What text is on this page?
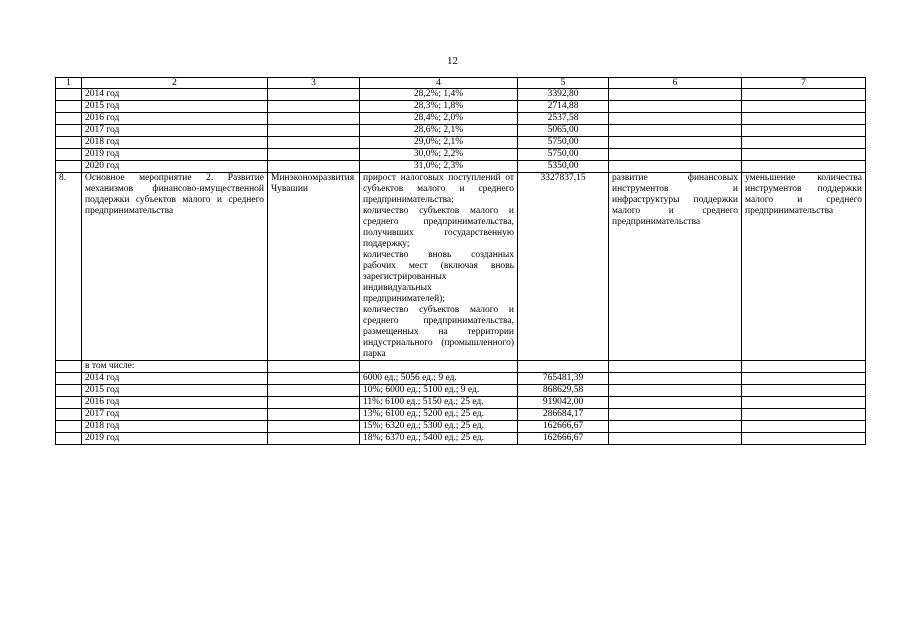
12
1	2	3	4	5	6	7
	2014 год		28,2%; 1,4%	3392,80		
	2015 год		28,3%; 1,8%	2714,88		
	2016 год		28,4%; 2,0%	2537,58		
	2017 год		28,6%; 2,1%	5065,00		
	2018 год		29,0%; 2,1%	5750,00		
	2019 год		30,0%; 2,2%	5750,00		
	2020 год		31,0%; 2,3%	5350,00		
8.	Основное мероприятие 2. Развитие механизмов финансово-имущественной поддержки субъектов малого и среднего предпринимательства	Минэкономразвития Чувашии	прирост налоговых поступлений от субъектов малого и среднего предпринимательства;
количество субъектов малого и среднего предпринимательства, получивших государственную поддержку;
количество вновь созданных рабочих мест (включая вновь зарегистрированных индивидуальных предпринимателей);
количество субъектов малого и среднего предпринимательства, размещенных на территории индустриального (промышленного) парка	3327837,15	развитие финансовых инструментов и инфраструктуры поддержки малого и среднего предпринимательства	уменьшение количества инструментов поддержки малого и среднего предпринимательства
	в том числе:					
	2014 год		6000 ед.; 5056 ед.; 9 ед.	765481,39		
	2015 год		10%; 6000 ед.; 5100 ед.; 9 ед.	868629,58		
	2016 год		11%; 6100 ед.; 5150 ед.; 25 ед.	919042,00		
	2017 год		13%; 6100 ед.; 5200 ед.; 25 ед.	286684,17		
	2018 год		15%; 6320 ед.; 5300 ед.; 25 ед.	162666,67		
	2019 год		18%; 6370 ед.; 5400 ед.; 25 ед.	162666,67		
